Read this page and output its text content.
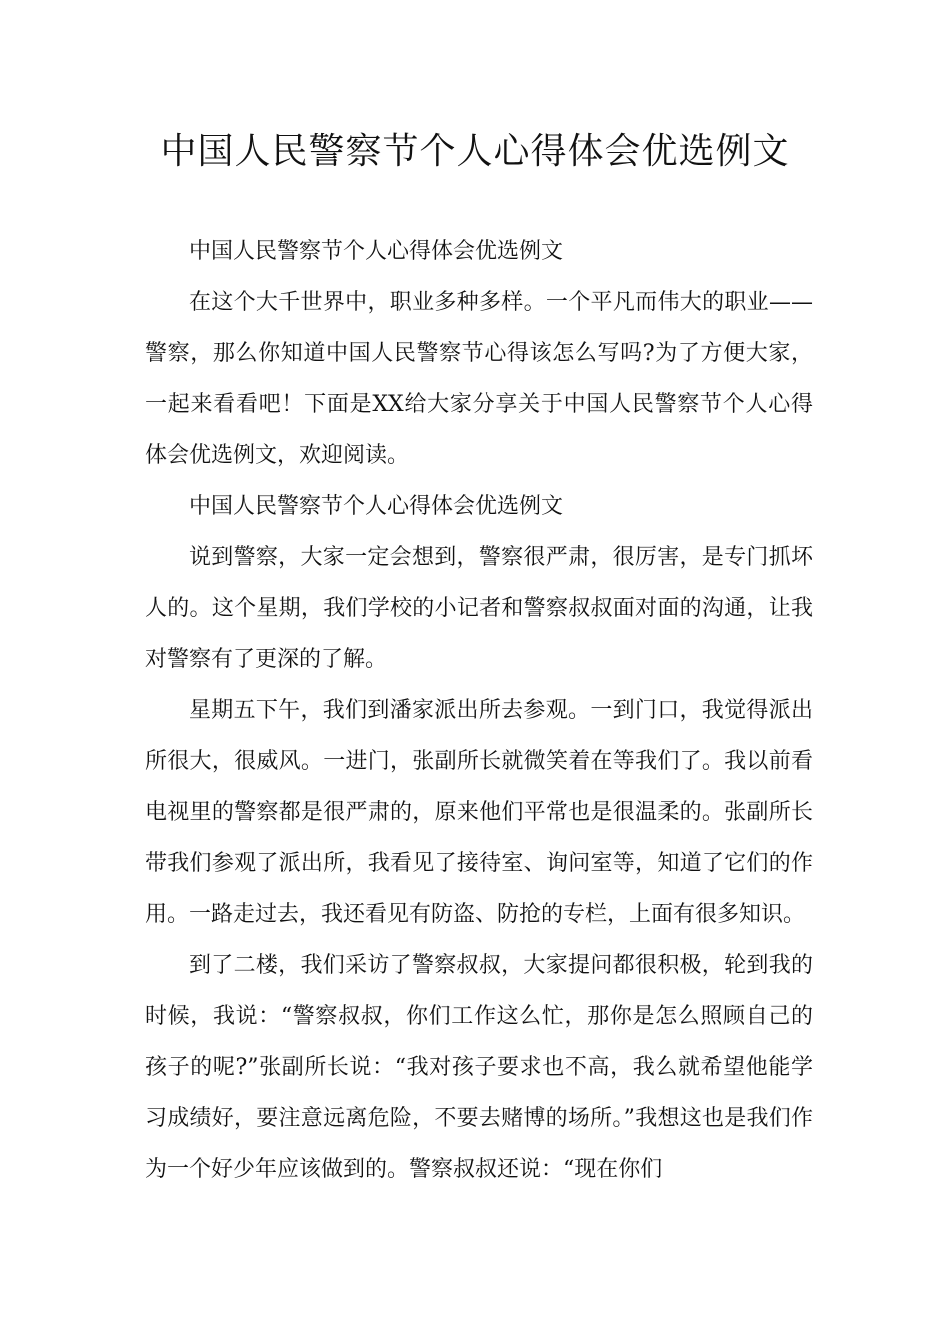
中国人民警察节个人心得体会优选例文

中国人民警察节个人心得体会优选例文

在这个大千世界中，职业多种多样。一个平凡而伟大的职业——警察，那么你知道中国人民警察节心得该怎么写吗?为了方便大家，一起来看看吧！下面是XX给大家分享关于中国人民警察节个人心得体会优选例文，欢迎阅读。

中国人民警察节个人心得体会优选例文

说到警察，大家一定会想到，警察很严肃，很厉害，是专门抓坏人的。这个星期，我们学校的小记者和警察叔叔面对面的沟通，让我对警察有了更深的了解。

星期五下午，我们到潘家派出所去参观。一到门口，我觉得派出所很大，很威风。一进门，张副所长就微笑着在等我们了。我以前看电视里的警察都是很严肃的，原来他们平常也是很温柔的。张副所长带我们参观了派出所，我看见了接待室、询问室等，知道了它们的作用。一路走过去，我还看见有防盗、防抢的专栏，上面有很多知识。

到了二楼，我们采访了警察叔叔，大家提问都很积极，轮到我的时候，我说：“警察叔叔，你们工作这么忙，那你是怎么照顾自己的孩子的呢?”张副所长说：“我对孩子要求也不高，我么就希望他能学习成绩好，要注意远离危险，不要去赌博的场所。”我想这也是我们作为一个好少年应该做到的。警察叔叔还说：“现在你们
